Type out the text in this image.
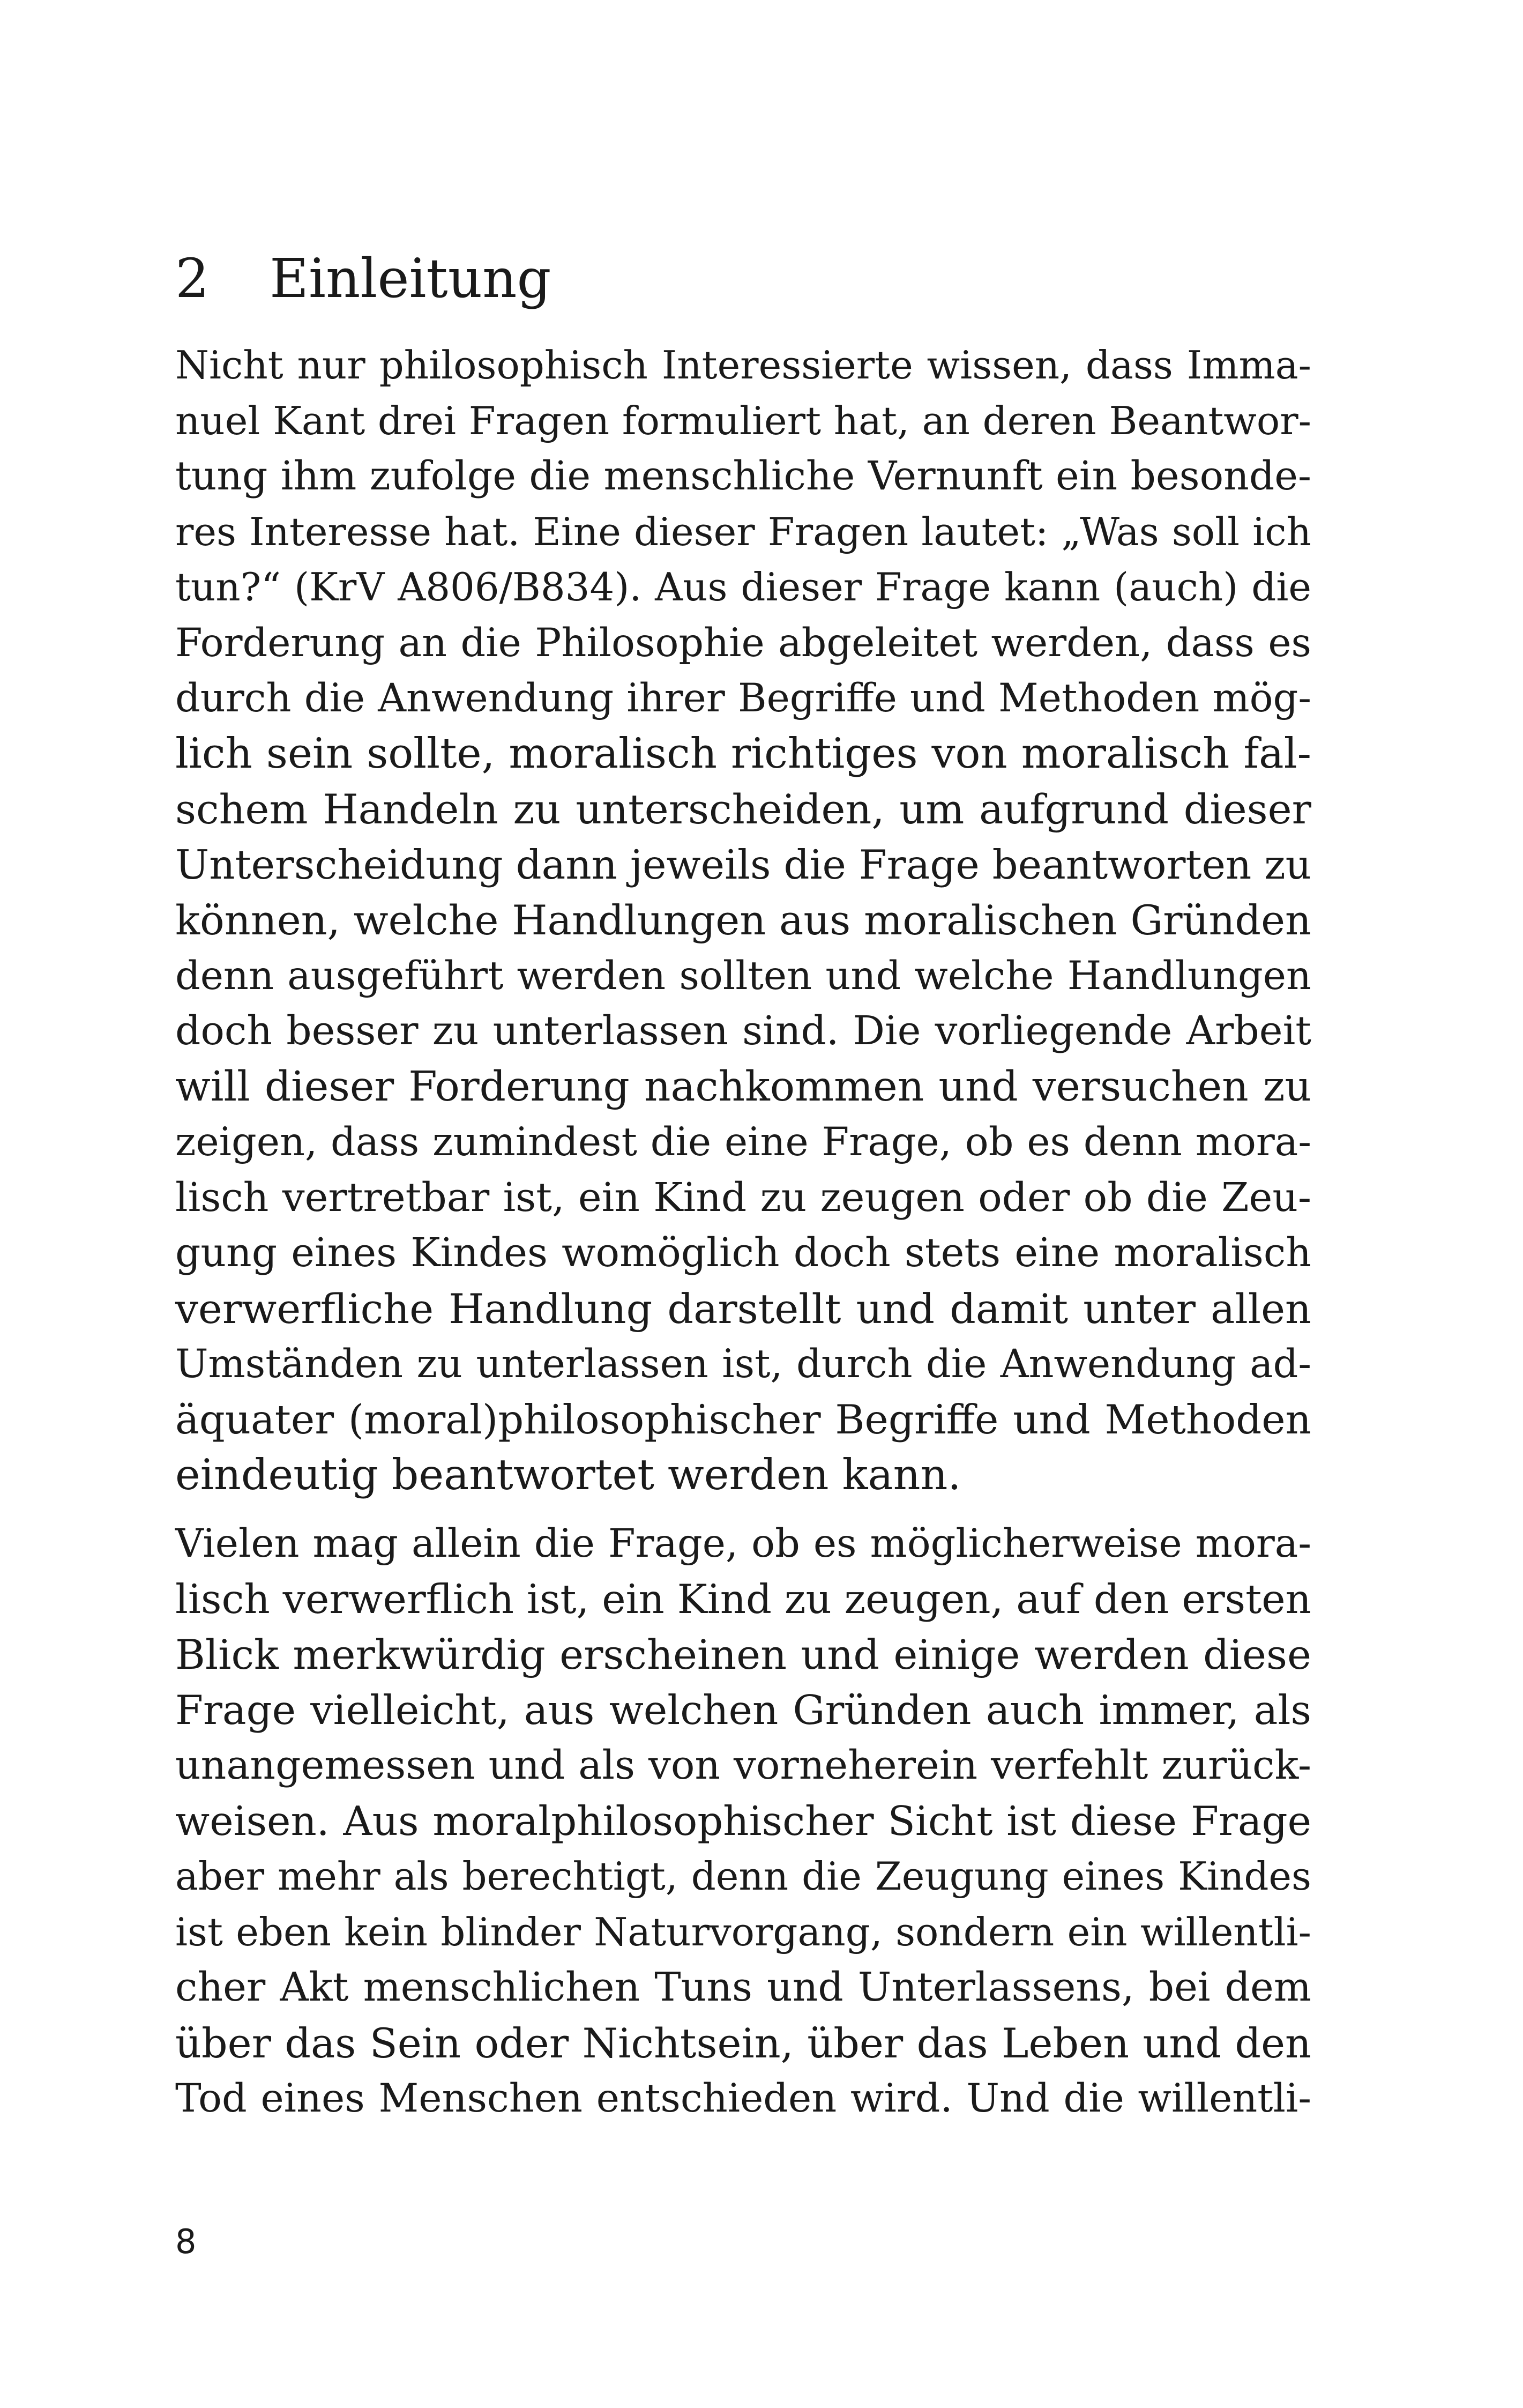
2 Einleitung
Nicht nur philosophisch Interessierte wissen, dass Imma-
nuel Kant drei Fragen formuliert hat, an deren Beantwor-
tung ihm zufolge die menschliche Vernunft ein besonde-
res Interesse hat. Eine dieser Fragen lautet: „Was soll ich
tun?“ (KrV A806/B834). Aus dieser Frage kann (auch) die
Forderung an die Philosophie abgeleitet werden, dass es
durch die Anwendung ihrer Begriffe und Methoden mög-
lich sein sollte, moralisch richtiges von moralisch fal-
schem Handeln zu unterscheiden, um aufgrund dieser
Unterscheidung dann jeweils die Frage beantworten zu
können, welche Handlungen aus moralischen Gründen
denn ausgeführt werden sollten und welche Handlungen
doch besser zu unterlassen sind. Die vorliegende Arbeit
will dieser Forderung nachkommen und versuchen zu
zeigen, dass zumindest die eine Frage, ob es denn mora-
lisch vertretbar ist, ein Kind zu zeugen oder ob die Zeu-
gung eines Kindes womöglich doch stets eine moralisch
verwerfliche Handlung darstellt und damit unter allen
Umständen zu unterlassen ist, durch die Anwendung ad-
äquater (moral)philosophischer Begriffe und Methoden
eindeutig beantwortet werden kann.
Vielen mag allein die Frage, ob es möglicherweise mora-
lisch verwerflich ist, ein Kind zu zeugen, auf den ersten
Blick merkwürdig erscheinen und einige werden diese
Frage vielleicht, aus welchen Gründen auch immer, als
unangemessen und als von vorneherein verfehlt zurück-
weisen. Aus moralphilosophischer Sicht ist diese Frage
aber mehr als berechtigt, denn die Zeugung eines Kindes
ist eben kein blinder Naturvorgang, sondern ein willentli-
cher Akt menschlichen Tuns und Unterlassens, bei dem
über das Sein oder Nichtsein, über das Leben und den
Tod eines Menschen entschieden wird. Und die willentli-
8
